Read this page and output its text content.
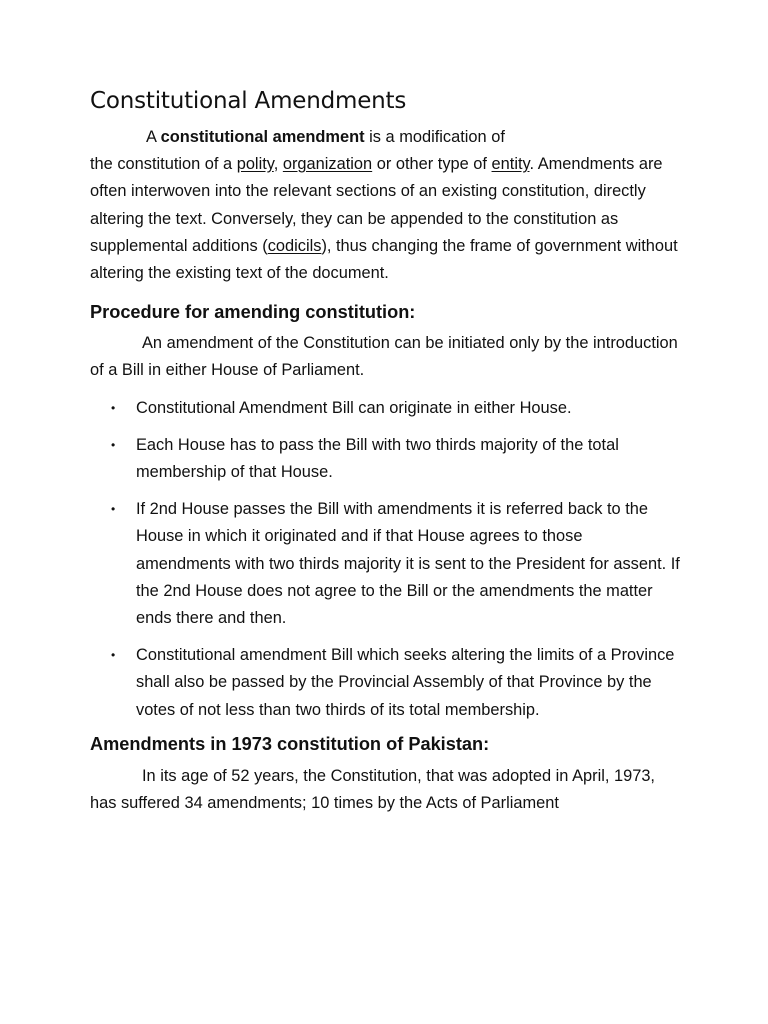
Constitutional Amendments

A constitutional amendment is a modification of
the constitution of a polity, organization or other type of entity. Amendments are often interwoven into the relevant sections of an existing constitution, directly altering the text. Conversely, they can be appended to the constitution as supplemental additions (codicils), thus changing the frame of government without altering the existing text of the document.

Procedure for amending constitution:

An amendment of the Constitution can be initiated only by the introduction of a Bill in either House of Parliament.

• Constitutional Amendment Bill can originate in either House.
• Each House has to pass the Bill with two thirds majority of the total membership of that House.
• If 2nd House passes the Bill with amendments it is referred back to the House in which it originated and if that House agrees to those amendments with two thirds majority it is sent to the President for assent. If the 2nd House does not agree to the Bill or the amendments the matter ends there and then.
• Constitutional amendment Bill which seeks altering the limits of a Province shall also be passed by the Provincial Assembly of that Province by the votes of not less than two thirds of its total membership.
Amendments in 1973 constitution of Pakistan:

In its age of 52 years, the Constitution, that was adopted in April, 1973, has suffered 34 amendments; 10 times by the Acts of Parliament
